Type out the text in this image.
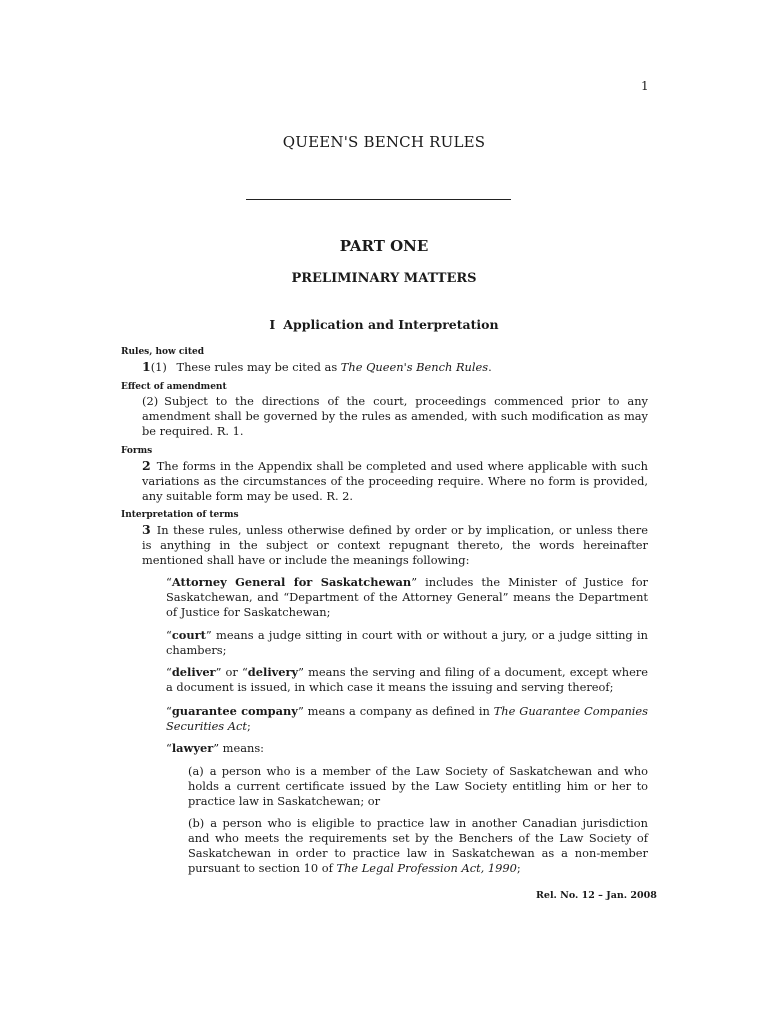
1
QUEEN'S BENCH RULES
PART ONE
PRELIMINARY MATTERS
I Application and Interpretation
Rules, how cited
1(1) These rules may be cited as The Queen's Bench Rules.
Effect of amendment
(2) Subject to the directions of the court, proceedings commenced prior to any amendment shall be governed by the rules as amended, with such modification as may be required. R. 1.
Forms
2 The forms in the Appendix shall be completed and used where applicable with such variations as the circumstances of the proceeding require. Where no form is provided, any suitable form may be used. R. 2.
Interpretation of terms
3 In these rules, unless otherwise defined by order or by implication, or unless there is anything in the subject or context repugnant thereto, the words hereinafter mentioned shall have or include the meanings following:
“Attorney General for Saskatchewan” includes the Minister of Justice for Saskatchewan, and “Department of the Attorney General” means the Department of Justice for Saskatchewan;
“court” means a judge sitting in court with or without a jury, or a judge sitting in chambers;
“deliver” or “delivery” means the serving and filing of a document, except where a document is issued, in which case it means the issuing and serving thereof;
“guarantee company” means a company as defined in The Guarantee Companies Securities Act;
“lawyer” means:
(a) a person who is a member of the Law Society of Saskatchewan and who holds a current certificate issued by the Law Society entitling him or her to practice law in Saskatchewan; or
(b) a person who is eligible to practice law in another Canadian jurisdiction and who meets the requirements set by the Benchers of the Law Society of Saskatchewan in order to practice law in Saskatchewan as a non-member pursuant to section 10 of The Legal Profession Act, 1990;
Rel. No. 12 – Jan. 2008
